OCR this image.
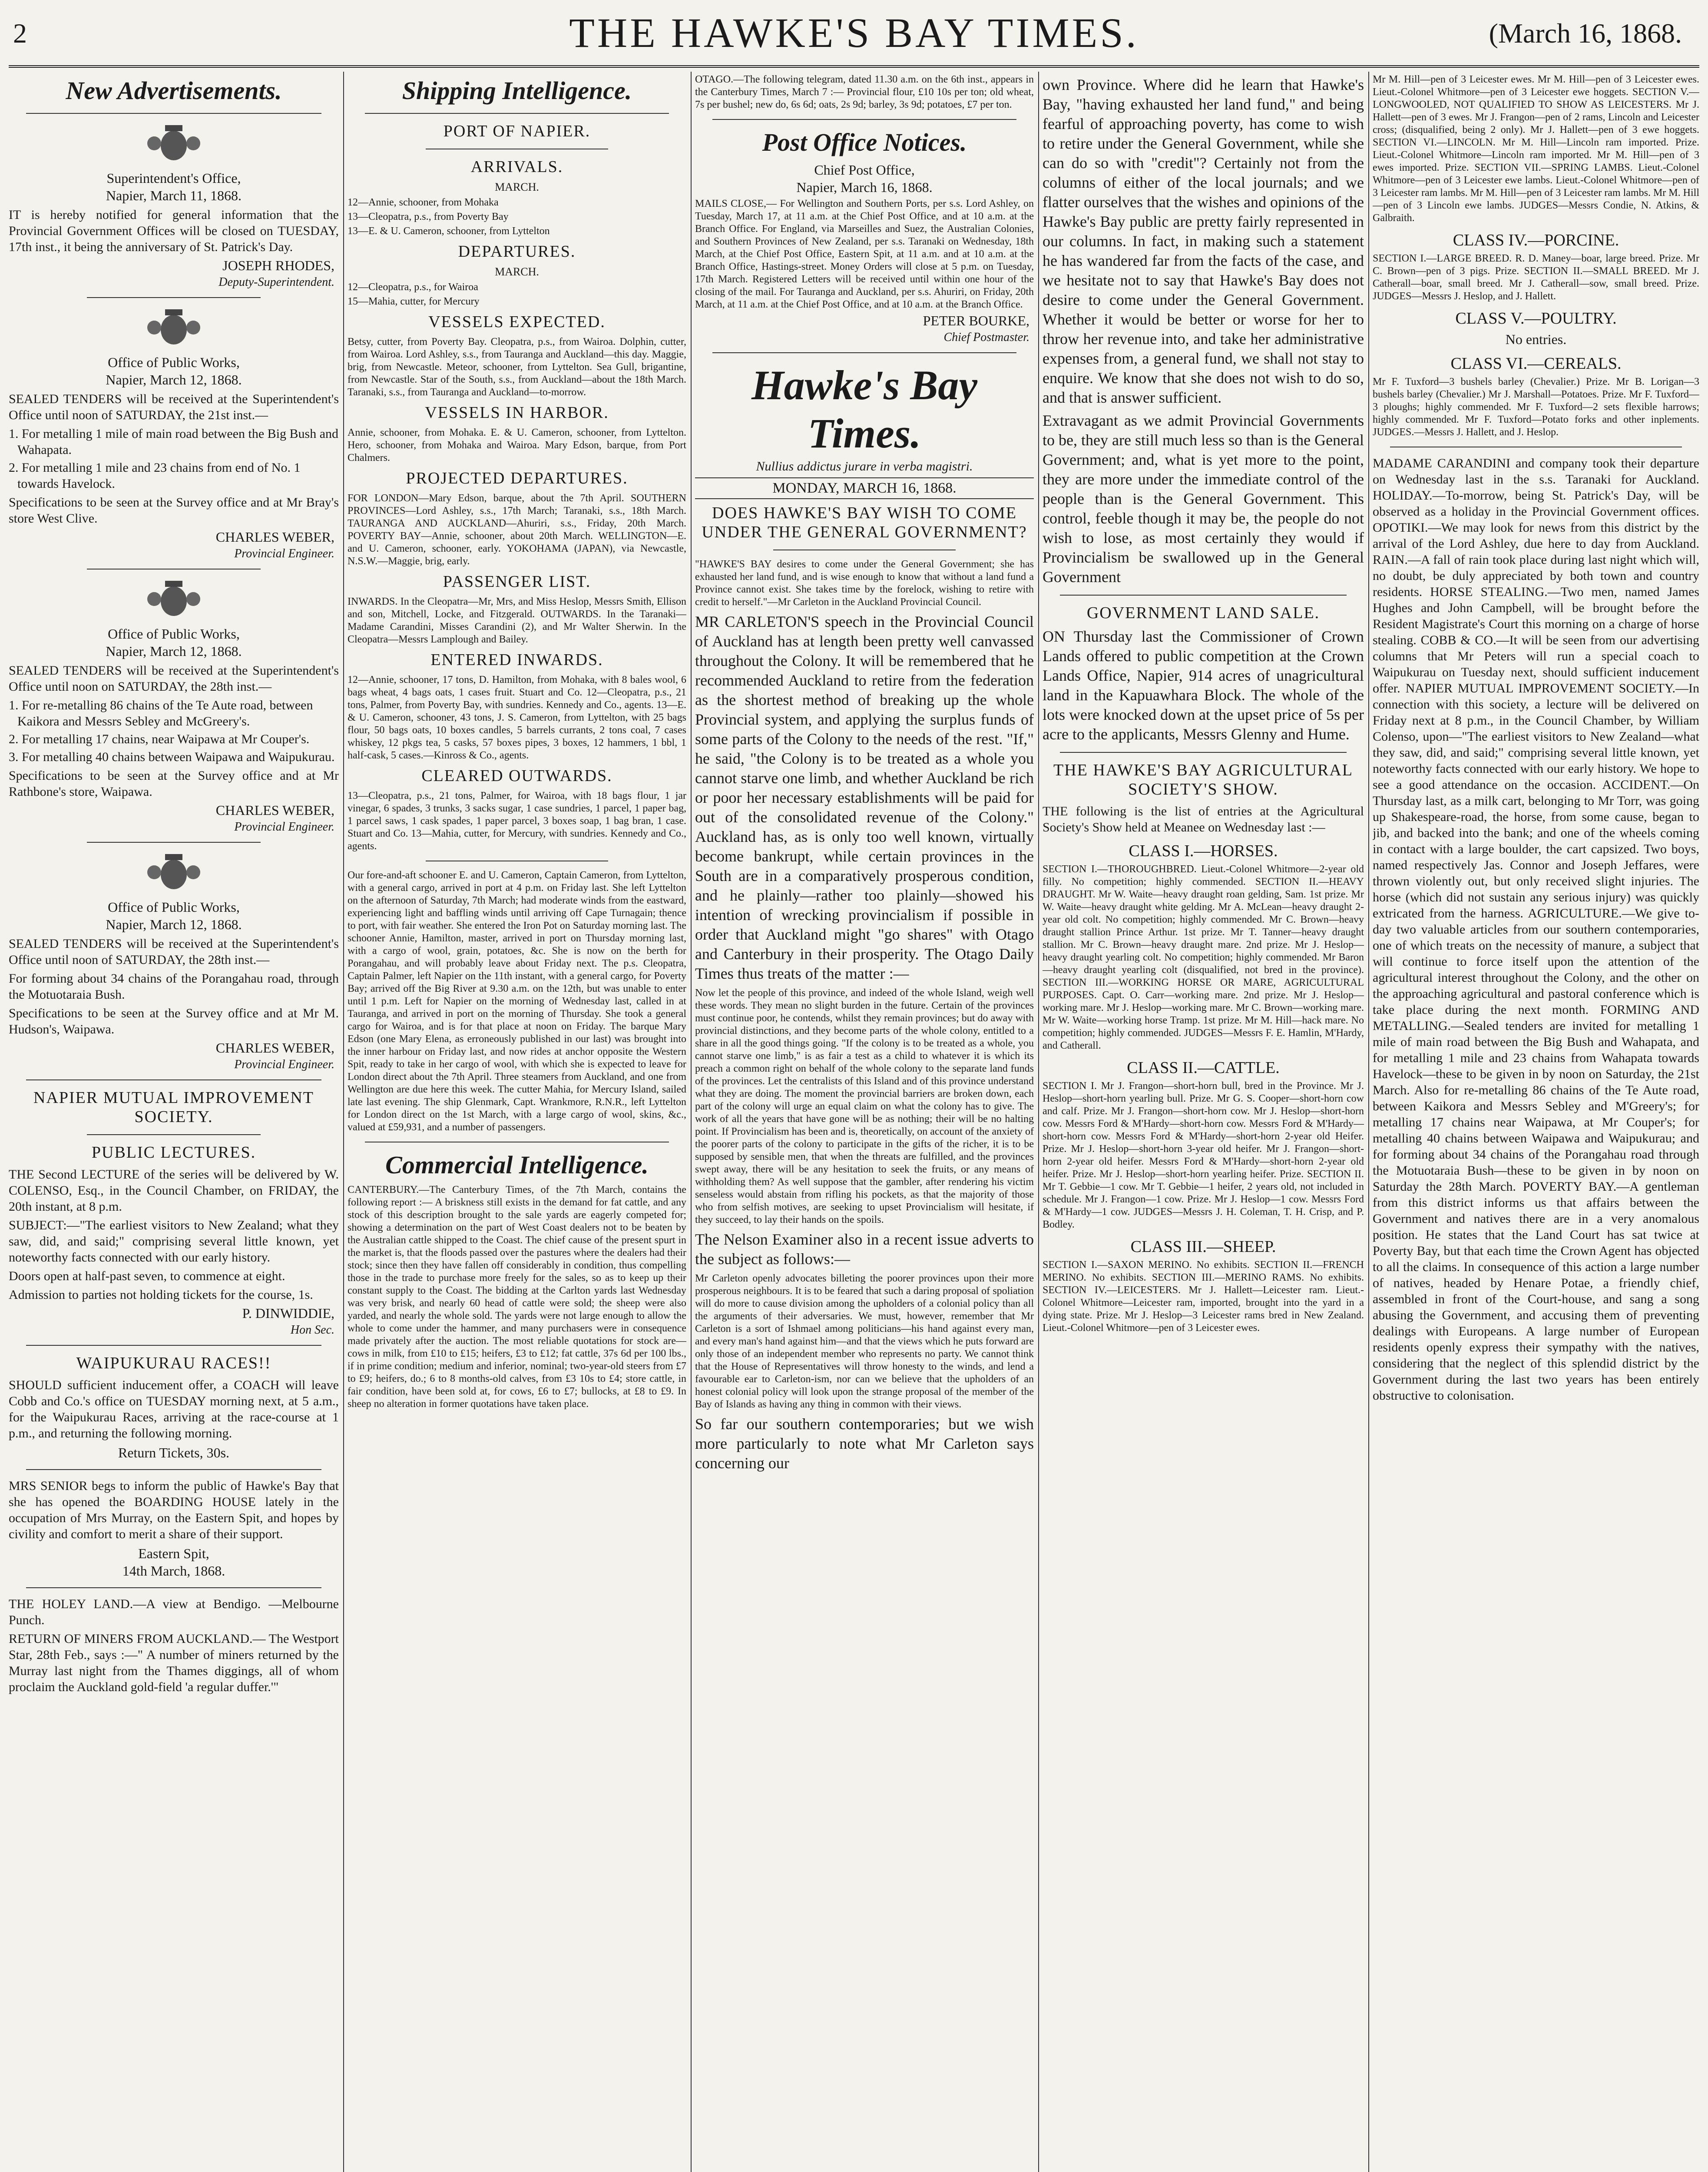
2	THE HAWKE'S BAY TIMES.	(March 16, 1868.
New Advertisements.
Superintendent's Office,
Napier, March 11, 1868.
IT is hereby notified for general information that the Provincial Government Offices will be closed on TUESDAY, 17th inst., it being the anniversary of St. Patrick's Day.
JOSEPH RHODES,
Deputy-Superintendent.
Office of Public Works,
Napier, March 12, 1868.
SEALED TENDERS will be received at the Superintendent's Office until noon of SATURDAY, the 21st inst.—
1. For metalling 1 mile of main road between the Big Bush and Wahapata.
2. For metalling 1 mile and 23 chains from end of No. 1 towards Havelock.
Specifications to be seen at the Survey office and at Mr Bray's store West Clive.
CHARLES WEBER,
Provincial Engineer.
Office of Public Works,
Napier, March 12, 1868.
SEALED TENDERS will be received at the Superintendent's Office until noon on SATURDAY, the 28th inst.—
1. For re-metalling 86 chains of the Te Aute road, between Kaikora and Messrs Sebley and McGreery's.
2. For metalling 17 chains, near Waipawa at Mr Couper's.
3. For metalling 40 chains between Waipawa and Waipukurau.
Specifications to be seen at the Survey office and at Mr Rathbone's store, Waipawa.
CHARLES WEBER,
Provincial Engineer.
Office of Public Works,
Napier, March 12, 1868.
SEALED TENDERS will be received at the Superintendent's Office until noon of SATURDAY, the 28th inst.—
For forming about 34 chains of the Porangahau road, through the Motuotaraia Bush.
Specifications to be seen at the Survey office and at Mr M. Hudson's, Waipawa.
CHARLES WEBER,
Provincial Engineer.
NAPIER MUTUAL IMPROVEMENT SOCIETY.
PUBLIC LECTURES.
THE Second LECTURE of the series will be delivered by W. COLENSO, Esq., in the Council Chamber, on FRIDAY, the 20th instant, at 8 p.m.
SUBJECT:—"The earliest visitors to New Zealand; what they saw, did, and said;" comprising several little known, yet noteworthy facts connected with our early history.
Doors open at half-past seven, to commence at eight.
Admission to parties not holding tickets for the course, 1s.
P. DINWIDDIE,
Hon Sec.
WAIPUKURAU RACES!!
SHOULD sufficient inducement offer, a COACH will leave Cobb and Co.'s office on TUESDAY morning next, at 5 a.m., for the Waipukurau Races, arriving at the race-course at 1 p.m., and returning the following morning.
Return Tickets, 30s.
MRS SENIOR begs to inform the public of Hawke's Bay that she has opened the BOARDING HOUSE lately in the occupation of Mrs Murray, on the Eastern Spit, and hopes by civility and comfort to merit a share of their support.
Eastern Spit,
14th March, 1868.
THE HOLEY LAND.—A view at Bendigo. —Melbourne Punch.
RETURN OF MINERS FROM AUCKLAND.— The Westport Star, 28th Feb., says :—" A number of miners returned by the Murray last night from the Thames diggings, all of whom proclaim the Auckland gold-field 'a regular duffer.'"
Shipping Intelligence.
PORT OF NAPIER.
ARRIVALS.
MARCH.
12—Annie, schooner, from Mohaka
13—Cleopatra, p.s., from Poverty Bay
13—E. & U. Cameron, schooner, from Lyttelton
DEPARTURES.
MARCH.
12—Cleopatra, p.s., for Wairoa
15—Mahia, cutter, for Mercury
VESSELS EXPECTED.
Betsy, cutter, from Poverty Bay. Cleopatra, p.s., from Wairoa. Dolphin, cutter, from Wairoa. Lord Ashley, s.s., from Tauranga and Auckland—this day. Maggie, brig, from Newcastle. Meteor, schooner, from Lyttelton. Sea Gull, brigantine, from Newcastle. Star of the South, s.s., from Auckland—about the 18th March. Taranaki, s.s., from Tauranga and Auckland—to-morrow.
VESSELS IN HARBOR.
Annie, schooner, from Mohaka. E. & U. Cameron, schooner, from Lyttelton. Hero, schooner, from Mohaka and Wairoa. Mary Edson, barque, from Port Chalmers.
PROJECTED DEPARTURES.
FOR LONDON—Mary Edson, barque, about the 7th April. SOUTHERN PROVINCES—Lord Ashley, s.s., 17th March; Taranaki, s.s., 18th March. TAURANGA AND AUCKLAND—Ahuriri, s.s., Friday, 20th March. POVERTY BAY—Annie, schooner, about 20th March. WELLINGTON—E. and U. Cameron, schooner, early. YOKOHAMA (JAPAN), via Newcastle, N.S.W.—Maggie, brig, early.
PASSENGER LIST.
INWARDS. In the Cleopatra—Mr, Mrs, and Miss Heslop, Messrs Smith, Ellison and son, Mitchell, Locke, and Fitzgerald. OUTWARDS. In the Taranaki—Madame Carandini, Misses Carandini (2), and Mr Walter Sherwin. In the Cleopatra—Messrs Lamplough and Bailey.
ENTERED INWARDS.
12—Annie, schooner, 17 tons, D. Hamilton, from Mohaka, with 8 bales wool, 6 bags wheat, 4 bags oats, 1 cases fruit. Stuart and Co. 12—Cleopatra, p.s., 21 tons, Palmer, from Poverty Bay, with sundries. Kennedy and Co., agents. 13—E. & U. Cameron, schooner, 43 tons, J. S. Cameron, from Lyttelton, with 25 bags flour, 50 bags oats, 10 boxes candles, 5 barrels currants, 2 tons coal, 7 cases whiskey, 12 pkgs tea, 5 casks, 57 boxes pipes, 3 boxes, 12 hammers, 1 bbl, 1 half-cask, 5 cases.—Kinross & Co., agents.
CLEARED OUTWARDS.
13—Cleopatra, p.s., 21 tons, Palmer, for Wairoa, with 18 bags flour, 1 jar vinegar, 6 spades, 3 trunks, 3 sacks sugar, 1 case sundries, 1 parcel, 1 paper bag, 1 parcel saws, 1 cask spades, 1 paper parcel, 3 boxes soap, 1 bag bran, 1 case. Stuart and Co. 13—Mahia, cutter, for Mercury, with sundries. Kennedy and Co., agents.
Our fore-and-aft schooner E. and U. Cameron, Captain Cameron, from Lyttelton, with a general cargo, arrived in port at 4 p.m. on Friday last. She left Lyttelton on the afternoon of Saturday, 7th March; had moderate winds from the eastward, experiencing light and baffling winds until arriving off Cape Turnagain; thence to port, with fair weather. She entered the Iron Pot on Saturday morning last. The schooner Annie, Hamilton, master, arrived in port on Thursday morning last, with a cargo of wool, grain, potatoes, &c. She is now on the berth for Porangahau, and will probably leave about Friday next. The p.s. Cleopatra, Captain Palmer, left Napier on the 11th instant, with a general cargo, for Poverty Bay; arrived off the Big River at 9.30 a.m. on the 12th, but was unable to enter until 1 p.m. Left for Napier on the morning of Wednesday last, called in at Tauranga, and arrived in port on the morning of Thursday. She took a general cargo for Wairoa, and is for that place at noon on Friday. The barque Mary Edson (one Mary Elena, as erroneously published in our last) was brought into the inner harbour on Friday last, and now rides at anchor opposite the Western Spit, ready to take in her cargo of wool, with which she is expected to leave for London direct about the 7th April. Three steamers from Auckland, and one from Wellington are due here this week. The cutter Mahia, for Mercury Island, sailed late last evening. The ship Glenmark, Capt. Wrankmore, R.N.R., left Lyttelton for London direct on the 1st March, with a large cargo of wool, skins, &c., valued at £59,931, and a number of passengers.
Commercial Intelligence.
CANTERBURY.—The Canterbury Times, of the 7th March, contains the following report :— A briskness still exists in the demand for fat cattle, and any stock of this description brought to the sale yards are eagerly competed for; showing a determination on the part of West Coast dealers not to be beaten by the Australian cattle shipped to the Coast. The chief cause of the present spurt in the market is, that the floods passed over the pastures where the dealers had their stock; since then they have fallen off considerably in condition, thus compelling those in the trade to purchase more freely for the sales, so as to keep up their constant supply to the Coast. The bidding at the Carlton yards last Wednesday was very brisk, and nearly 60 head of cattle were sold; the sheep were also yarded, and nearly the whole sold. The yards were not large enough to allow the whole to come under the hammer, and many purchasers were in consequence made privately after the auction. The most reliable quotations for stock are—cows in milk, from £10 to £15; heifers, £3 to £12; fat cattle, 37s 6d per 100 lbs., if in prime condition; medium and inferior, nominal; two-year-old steers from £7 to £9; heifers, do.; 6 to 8 months-old calves, from £3 10s to £4; store cattle, in fair condition, have been sold at, for cows, £6 to £7; bullocks, at £8 to £9. In sheep no alteration in former quotations have taken place.
OTAGO.—The following telegram, dated 11.30 a.m. on the 6th inst., appears in the Canterbury Times, March 7 :— Provincial flour, £10 10s per ton; old wheat, 7s per bushel; new do, 6s 6d; oats, 2s 9d; barley, 3s 9d; potatoes, £7 per ton.
Post Office Notices.
Chief Post Office,
Napier, March 16, 1868.
MAILS CLOSE,— For Wellington and Southern Ports, per s.s. Lord Ashley, on Tuesday, March 17, at 11 a.m. at the Chief Post Office, and at 10 a.m. at the Branch Office. For England, via Marseilles and Suez, the Australian Colonies, and Southern Provinces of New Zealand, per s.s. Taranaki on Wednesday, 18th March, at the Chief Post Office, Eastern Spit, at 11 a.m. and at 10 a.m. at the Branch Office, Hastings-street. Money Orders will close at 5 p.m. on Tuesday, 17th March. Registered Letters will be received until within one hour of the closing of the mail. For Tauranga and Auckland, per s.s. Ahuriri, on Friday, 20th March, at 11 a.m. at the Chief Post Office, and at 10 a.m. at the Branch Office.
PETER BOURKE,
Chief Postmaster.
Hawke's Bay Times.
Nullius addictus jurare in verba magistri.
MONDAY, MARCH 16, 1868.
DOES HAWKE'S BAY WISH TO COME UNDER THE GENERAL GOVERNMENT?
"HAWKE'S BAY desires to come under the General Government; she has exhausted her land fund, and is wise enough to know that without a land fund a Province cannot exist. She takes time by the forelock, wishing to retire with credit to herself."—Mr Carleton in the Auckland Provincial Council.
MR CARLETON'S speech in the Provincial Council of Auckland has at length been pretty well canvassed throughout the Colony. It will be remembered that he recommended Auckland to retire from the federation as the shortest method of breaking up the whole Provincial system, and applying the surplus funds of some parts of the Colony to the needs of the rest. "If," he said, "the Colony is to be treated as a whole you cannot starve one limb, and whether Auckland be rich or poor her necessary establishments will be paid for out of the consolidated revenue of the Colony." Auckland has, as is only too well known, virtually become bankrupt, while certain provinces in the South are in a comparatively prosperous condition, and he plainly—rather too plainly—showed his intention of wrecking provincialism if possible in order that Auckland might "go shares" with Otago and Canterbury in their prosperity. The Otago Daily Times thus treats of the matter :—
Now let the people of this province, and indeed of the whole Island, weigh well these words. They mean no slight burden in the future. Certain of the provinces must continue poor, he contends, whilst they remain provinces; but do away with provincial distinctions, and they become parts of the whole colony, entitled to a share in all the good things going. "If the colony is to be treated as a whole, you cannot starve one limb," is as fair a test as a child to whatever it is which its preach a common right on behalf of the whole colony to the separate land funds of the provinces. Let the centralists of this Island and of this province understand what they are doing. The moment the provincial barriers are broken down, each part of the colony will urge an equal claim on what the colony has to give. The work of all the years that have gone will be as nothing; their will be no halting point. If Provincialism has been and is, theoretically, on account of the anxiety of the poorer parts of the colony to participate in the gifts of the richer, it is to be supposed by sensible men, that when the threats are fulfilled, and the provinces swept away, there will be any hesitation to seek the fruits, or any means of withholding them? As well suppose that the gambler, after rendering his victim senseless would abstain from rifling his pockets, as that the majority of those who from selfish motives, are seeking to upset Provincialism will hesitate, if they succeed, to lay their hands on the spoils.
The Nelson Examiner also in a recent issue adverts to the subject as follows:—
Mr Carleton openly advocates billeting the poorer provinces upon their more prosperous neighbours. It is to be feared that such a daring proposal of spoliation will do more to cause division among the upholders of a colonial policy than all the arguments of their adversaries. We must, however, remember that Mr Carleton is a sort of Ishmael among politicians—his hand against every man, and every man's hand against him—and that the views which he puts forward are only those of an independent member who represents no party. We cannot think that the House of Representatives will throw honesty to the winds, and lend a favourable ear to Carleton-ism, nor can we believe that the upholders of an honest colonial policy will look upon the strange proposal of the member of the Bay of Islands as having any thing in common with their views.
So far our southern contemporaries; but we wish more particularly to note what Mr Carleton says concerning our
own Province. Where did he learn that Hawke's Bay, "having exhausted her land fund," and being fearful of approaching poverty, has come to wish to retire under the General Government, while she can do so with "credit"? Certainly not from the columns of either of the local journals; and we flatter ourselves that the wishes and opinions of the Hawke's Bay public are pretty fairly represented in our columns. In fact, in making such a statement he has wandered far from the facts of the case, and we hesitate not to say that Hawke's Bay does not desire to come under the General Government. Whether it would be better or worse for her to throw her revenue into, and take her administrative expenses from, a general fund, we shall not stay to enquire. We know that she does not wish to do so, and that is answer sufficient.
Extravagant as we admit Provincial Governments to be, they are still much less so than is the General Government; and, what is yet more to the point, they are more under the immediate control of the people than is the General Government. This control, feeble though it may be, the people do not wish to lose, as most certainly they would if Provincialism be swallowed up in the General Government
GOVERNMENT LAND SALE.
ON Thursday last the Commissioner of Crown Lands offered to public competition at the Crown Lands Office, Napier, 914 acres of unagricultural land in the Kapuawhara Block. The whole of the lots were knocked down at the upset price of 5s per acre to the applicants, Messrs Glenny and Hume.
THE HAWKE'S BAY AGRICULTURAL SOCIETY'S SHOW.
THE following is the list of entries at the Agricultural Society's Show held at Meanee on Wednesday last :—
CLASS I.—HORSES.
SECTION I.—THOROUGHBRED. Lieut.-Colonel Whitmore—2-year old filly. No competition; highly commended. SECTION II.—HEAVY DRAUGHT. Mr W. Waite—heavy draught roan gelding, Sam. 1st prize. Mr W. Waite—heavy draught white gelding. Mr A. McLean—heavy draught 2-year old colt. No competition; highly commended. Mr C. Brown—heavy draught stallion Prince Arthur. 1st prize. Mr T. Tanner—heavy draught stallion. Mr C. Brown—heavy draught mare. 2nd prize. Mr J. Heslop—heavy draught yearling colt. No competition; highly commended. Mr Baron—heavy draught yearling colt (disqualified, not bred in the province). SECTION III.—WORKING HORSE OR MARE, AGRICULTURAL PURPOSES. Capt. O. Carr—working mare. 2nd prize. Mr J. Heslop—working mare. Mr J. Heslop—working mare. Mr C. Brown—working mare. Mr W. Waite—working horse Tramp. 1st prize. Mr M. Hill—hack mare. No competition; highly commended. JUDGES—Messrs F. E. Hamlin, M'Hardy, and Catherall.
CLASS II.—CATTLE.
SECTION I. Mr J. Frangon—short-horn bull, bred in the Province. Mr J. Heslop—short-horn yearling bull. Prize. Mr G. S. Cooper—short-horn cow and calf. Prize. Mr J. Frangon—short-horn cow. Mr J. Heslop—short-horn cow. Messrs Ford & M'Hardy—short-horn cow. Messrs Ford & M'Hardy—short-horn cow. Messrs Ford & M'Hardy—short-horn 2-year old Heifer. Prize. Mr J. Heslop—short-horn 3-year old heifer. Mr J. Frangon—short-horn 2-year old heifer. Messrs Ford & M'Hardy—short-horn 2-year old heifer. Prize. Mr J. Heslop—short-horn yearling heifer. Prize. SECTION II. Mr T. Gebbie—1 cow. Mr T. Gebbie—1 heifer, 2 years old, not included in schedule. Mr J. Frangon—1 cow. Prize. Mr J. Heslop—1 cow. Messrs Ford & M'Hardy—1 cow. JUDGES—Messrs J. H. Coleman, T. H. Crisp, and P. Bodley.
CLASS III.—SHEEP.
SECTION I.—SAXON MERINO. No exhibits. SECTION II.—FRENCH MERINO. No exhibits. SECTION III.—MERINO RAMS. No exhibits. SECTION IV.—LEICESTERS. Mr J. Hallett—Leicester ram. Lieut.-Colonel Whitmore—Leicester ram, imported, brought into the yard in a dying state. Prize. Mr J. Heslop—3 Leicester rams bred in New Zealand. Lieut.-Colonel Whitmore—pen of 3 Leicester ewes.
Mr M. Hill—pen of 3 Leicester ewes. Mr M. Hill—pen of 3 Leicester ewes. Lieut.-Colonel Whitmore—pen of 3 Leicester ewe hoggets. SECTION V.—LONGWOOLED, NOT QUALIFIED TO SHOW AS LEICESTERS. Mr J. Hallett—pen of 3 ewes. Mr J. Frangon—pen of 2 rams, Lincoln and Leicester cross; (disqualified, being 2 only). Mr J. Hallett—pen of 3 ewe hoggets. SECTION VI.—LINCOLN. Mr M. Hill—Lincoln ram imported. Prize. Lieut.-Colonel Whitmore—Lincoln ram imported. Mr M. Hill—pen of 3 ewes imported. Prize. SECTION VII.—SPRING LAMBS. Lieut.-Colonel Whitmore—pen of 3 Leicester ewe lambs. Lieut.-Colonel Whitmore—pen of 3 Leicester ram lambs. Mr M. Hill—pen of 3 Leicester ram lambs. Mr M. Hill—pen of 3 Lincoln ewe lambs. JUDGES—Messrs Condie, N. Atkins, & Galbraith.
CLASS IV.—PORCINE.
SECTION I.—LARGE BREED. R. D. Maney—boar, large breed. Prize. Mr C. Brown—pen of 3 pigs. Prize. SECTION II.—SMALL BREED. Mr J. Catherall—boar, small breed. Mr J. Catherall—sow, small breed. Prize. JUDGES—Messrs J. Heslop, and J. Hallett.
CLASS V.—POULTRY.
No entries.
CLASS VI.—CEREALS.
Mr F. Tuxford—3 bushels barley (Chevalier.) Prize. Mr B. Lorigan—3 bushels barley (Chevalier.) Mr J. Marshall—Potatoes. Prize. Mr F. Tuxford—3 ploughs; highly commended. Mr F. Tuxford—2 sets flexible harrows; highly commended. Mr F. Tuxford—Potato forks and other inplements. JUDGES.—Messrs J. Hallett, and J. Heslop.
MADAME CARANDINI and company took their departure on Wednesday last in the s.s. Taranaki for Auckland. HOLIDAY.—To-morrow, being St. Patrick's Day, will be observed as a holiday in the Provincial Government offices. OPOTIKI.—We may look for news from this district by the arrival of the Lord Ashley, due here to day from Auckland. RAIN.—A fall of rain took place during last night which will, no doubt, be duly appreciated by both town and country residents. HORSE STEALING.—Two men, named James Hughes and John Campbell, will be brought before the Resident Magistrate's Court this morning on a charge of horse stealing. COBB & CO.—It will be seen from our advertising columns that Mr Peters will run a special coach to Waipukurau on Tuesday next, should sufficient inducement offer. NAPIER MUTUAL IMPROVEMENT SOCIETY.—In connection with this society, a lecture will be delivered on Friday next at 8 p.m., in the Council Chamber, by William Colenso, upon—"The earliest visitors to New Zealand—what they saw, did, and said;" comprising several little known, yet noteworthy facts connected with our early history. We hope to see a good attendance on the occasion. ACCIDENT.—On Thursday last, as a milk cart, belonging to Mr Torr, was going up Shakespeare-road, the horse, from some cause, began to jib, and backed into the bank; and one of the wheels coming in contact with a large boulder, the cart capsized. Two boys, named respectively Jas. Connor and Joseph Jeffares, were thrown violently out, but only received slight injuries. The horse (which did not sustain any serious injury) was quickly extricated from the harness. AGRICULTURE.—We give to-day two valuable articles from our southern contemporaries, one of which treats on the necessity of manure, a subject that will continue to force itself upon the attention of the agricultural interest throughout the Colony, and the other on the approaching agricultural and pastoral conference which is take place during the next month. FORMING AND METALLING.—Sealed tenders are invited for metalling 1 mile of main road between the Big Bush and Wahapata, and for metalling 1 mile and 23 chains from Wahapata towards Havelock—these to be given in by noon on Saturday, the 21st March. Also for re-metalling 86 chains of the Te Aute road, between Kaikora and Messrs Sebley and M'Greery's; for metalling 17 chains near Waipawa, at Mr Couper's; for metalling 40 chains between Waipawa and Waipukurau; and for forming about 34 chains of the Porangahau road through the Motuotaraia Bush—these to be given in by noon on Saturday the 28th March. POVERTY BAY.—A gentleman from this district informs us that affairs between the Government and natives there are in a very anomalous position. He states that the Land Court has sat twice at Poverty Bay, but that each time the Crown Agent has objected to all the claims. In consequence of this action a large number of natives, headed by Henare Potae, a friendly chief, assembled in front of the Court-house, and sang a song abusing the Government, and accusing them of preventing dealings with Europeans. A large number of European residents openly express their sympathy with the natives, considering that the neglect of this splendid district by the Government during the last two years has been entirely obstructive to colonisation.
